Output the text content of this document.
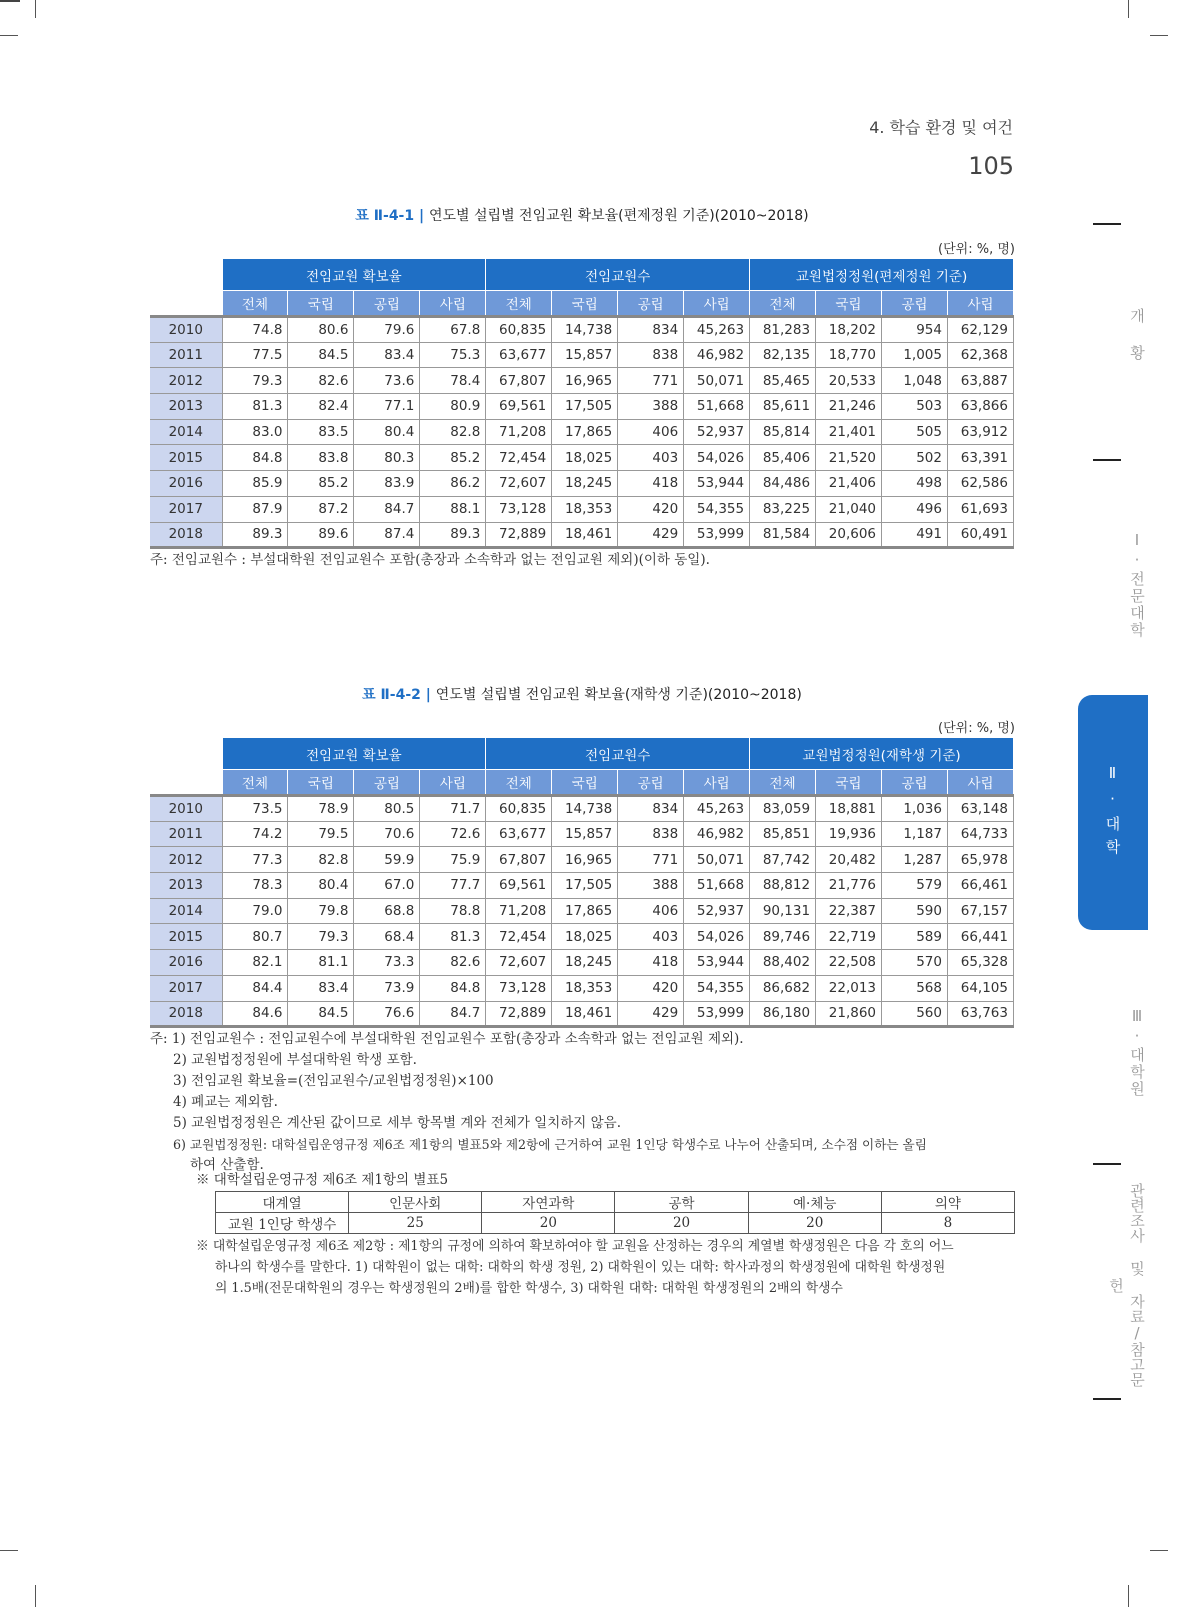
4. 학습 환경 및 여건
105
표 Ⅱ-4-1 | 연도별 설립별 전임교원 확보율(편제정원 기준)(2010~2018)
(단위: %, 명)
	전임교원 확보율				전임교원수				교원법정정원(편제정원 기준)			
	전체	국립	공립	사립	전체	국립	공립	사립	전체	국립	공립	사립
2010	74.8	80.6	79.6	67.8	60,835	14,738	834	45,263	81,283	18,202	954	62,129
2011	77.5	84.5	83.4	75.3	63,677	15,857	838	46,982	82,135	18,770	1,005	62,368
2012	79.3	82.6	73.6	78.4	67,807	16,965	771	50,071	85,465	20,533	1,048	63,887
2013	81.3	82.4	77.1	80.9	69,561	17,505	388	51,668	85,611	21,246	503	63,866
2014	83.0	83.5	80.4	82.8	71,208	17,865	406	52,937	85,814	21,401	505	63,912
2015	84.8	83.8	80.3	85.2	72,454	18,025	403	54,026	85,406	21,520	502	63,391
2016	85.9	85.2	83.9	86.2	72,607	18,245	418	53,944	84,486	21,406	498	62,586
2017	87.9	87.2	84.7	88.1	73,128	18,353	420	54,355	83,225	21,040	496	61,693
2018	89.3	89.6	87.4	89.3	72,889	18,461	429	53,999	81,584	20,606	491	60,491
주: 전임교원수 : 부설대학원 전임교원수 포함(총장과 소속학과 없는 전임교원 제외)(이하 동일).
표 Ⅱ-4-2 | 연도별 설립별 전임교원 확보율(재학생 기준)(2010~2018)
(단위: %, 명)
	전임교원 확보율				전임교원수				교원법정정원(재학생 기준)			
	전체	국립	공립	사립	전체	국립	공립	사립	전체	국립	공립	사립
2010	73.5	78.9	80.5	71.7	60,835	14,738	834	45,263	83,059	18,881	1,036	63,148
2011	74.2	79.5	70.6	72.6	63,677	15,857	838	46,982	85,851	19,936	1,187	64,733
2012	77.3	82.8	59.9	75.9	67,807	16,965	771	50,071	87,742	20,482	1,287	65,978
2013	78.3	80.4	67.0	77.7	69,561	17,505	388	51,668	88,812	21,776	579	66,461
2014	79.0	79.8	68.8	78.8	71,208	17,865	406	52,937	90,131	22,387	590	67,157
2015	80.7	79.3	68.4	81.3	72,454	18,025	403	54,026	89,746	22,719	589	66,441
2016	82.1	81.1	73.3	82.6	72,607	18,245	418	53,944	88,402	22,508	570	65,328
2017	84.4	83.4	73.9	84.8	73,128	18,353	420	54,355	86,682	22,013	568	64,105
2018	84.6	84.5	76.6	84.7	72,889	18,461	429	53,999	86,180	21,860	560	63,763
주: 1) 전임교원수 : 전임교원수에 부설대학원 전임교원수 포함(총장과 소속학과 없는 전임교원 제외).
2) 교원법정정원에 부설대학원 학생 포함.
3) 전임교원 확보율=(전임교원수/교원법정정원)×100
4) 폐교는 제외함.
5) 교원법정정원은 계산된 값이므로 세부 항목별 계와 전체가 일치하지 않음.
6) 교원법정정원: 대학설립운영규정 제6조 제1항의 별표5와 제2항에 근거하여 교원 1인당 학생수로 나누어 산출되며, 소수점 이하는 올림
하여 산출함.
※ 대학설립운영규정 제6조 제1항의 별표5
대계열	인문사회	자연과학	공학	예·체능	의약
교원 1인당 학생수	25	20	20	20	8
※ 대학설립운영규정 제6조 제2항 : 제1항의 규정에 의하여 확보하여야 할 교원을 산정하는 경우의 계열별 학생정원은 다음 각 호의 어느
하나의 학생수를 말한다. 1) 대학원이 없는 대학: 대학의 학생 정원, 2) 대학원이 있는 대학: 학사과정의 학생정원에 대학원 학생정원
의 1.5배(전문대학원의 경우는 학생정원의 2배)를 합한 학생수, 3) 대학원 대학: 대학원 학생정원의 2배의 학생수
개황
Ⅰ·전문대학
Ⅱ·대학
Ⅲ·대학원
관련조사 및 자료/참고문헌
